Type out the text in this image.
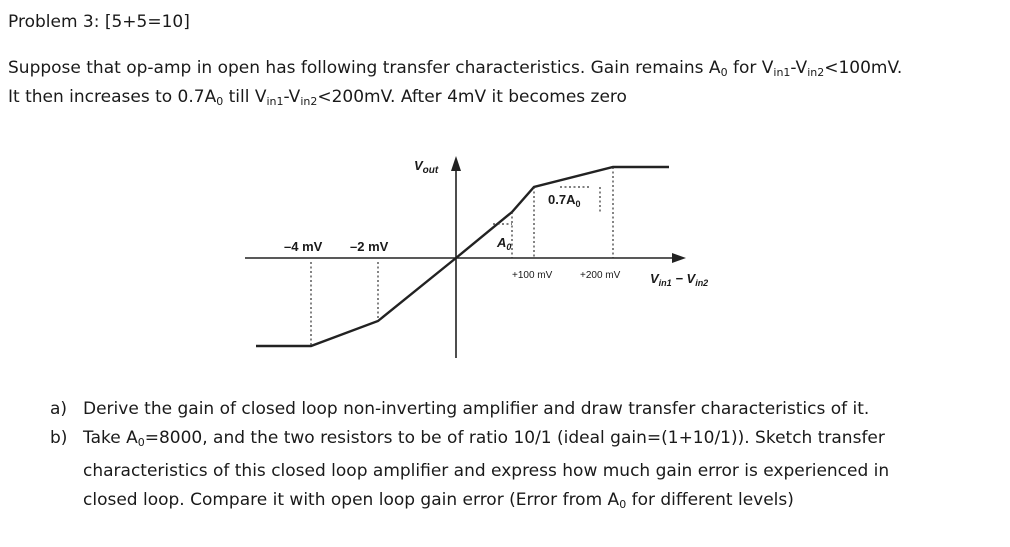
Problem 3: [5+5=10]
Suppose that op-amp in open has following transfer characteristics. Gain remains $A_0$ for $V_{in1}-V_{in2}<100mV$.
It then increases to $0.7A_0$ till $V_{in1}-V_{in2}<200mV$. After 4mV it becomes zero
$V_{out}$
–4 mV –2 mV
+100 mV	+200 mV
$A_0$
$0.7A_0$
$V_{in1} - V_{in2}$
a) Derive the gain of closed loop non-inverting amplifier and draw transfer characteristics of it.
b) Take $A_0=8000$, and the two resistors to be of ratio 10/1 (ideal gain=(1+10/1)). Sketch transfer
characteristics of this closed loop amplifier and express how much gain error is experienced in
closed loop. Compare it with open loop gain error (Error from $A_0$ for different levels)
